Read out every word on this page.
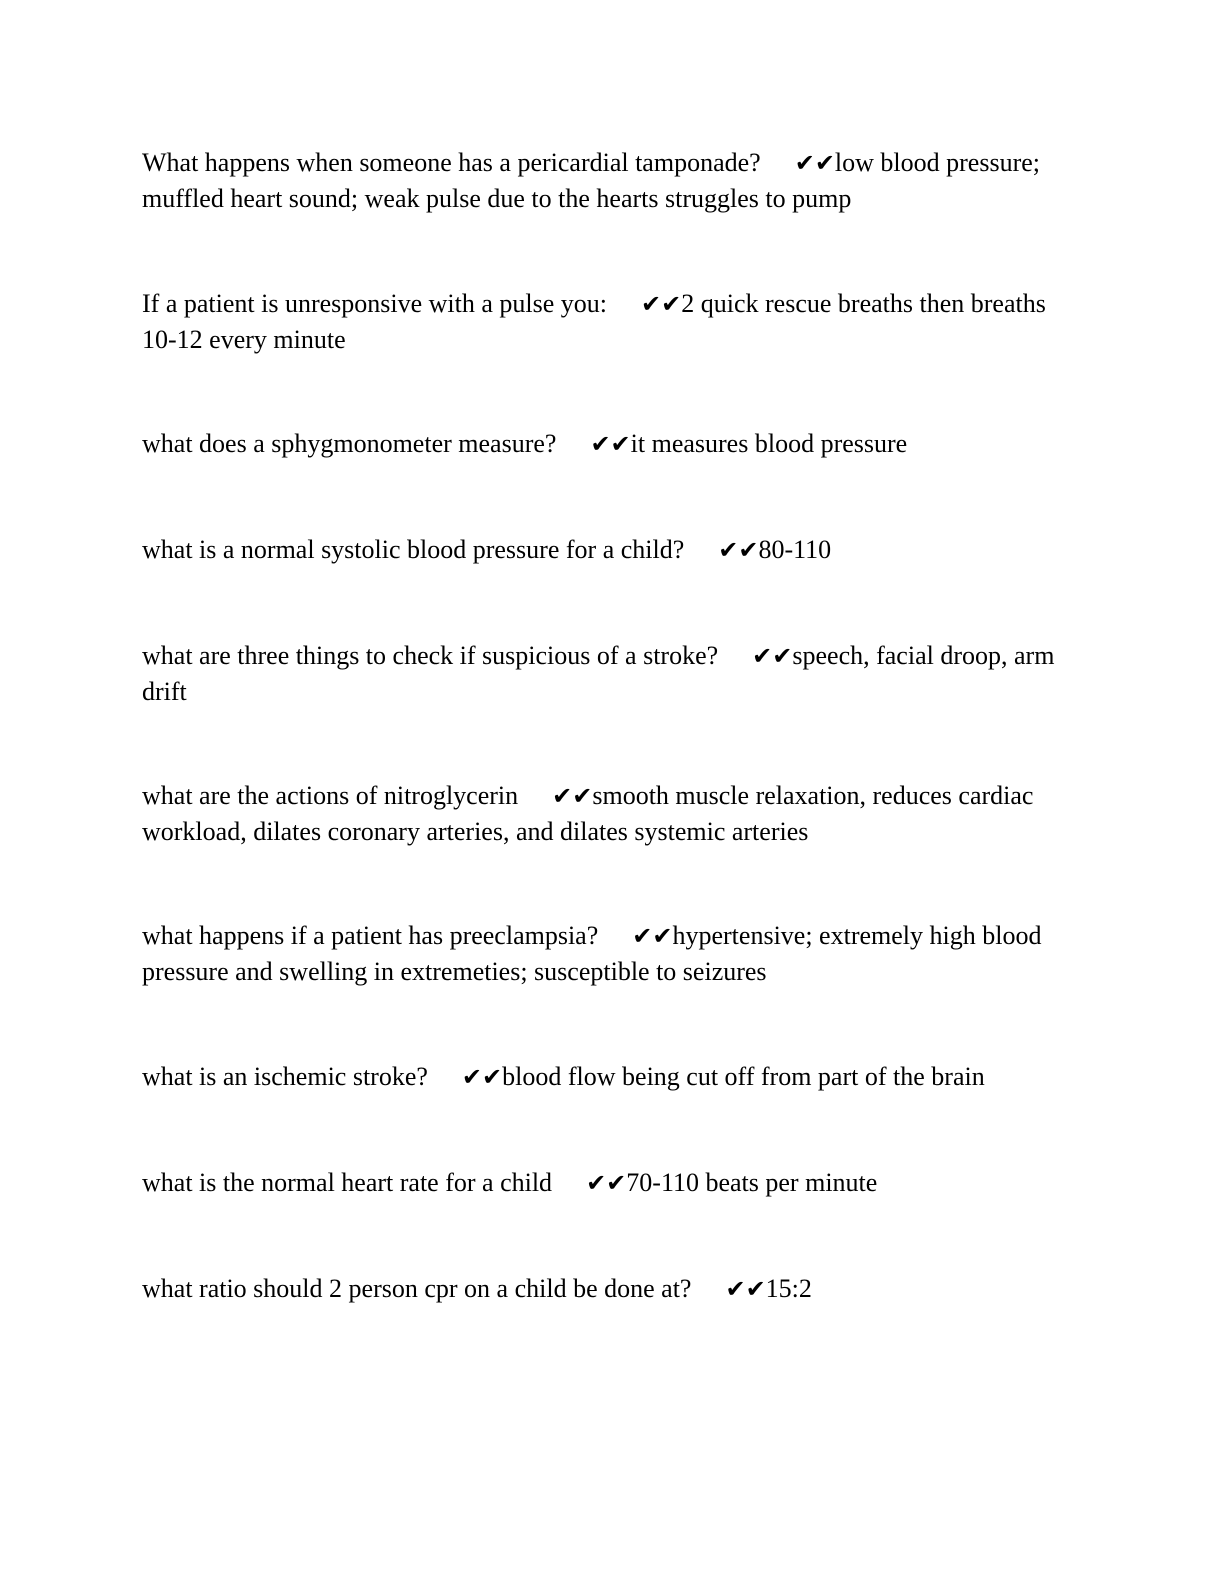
What happens when someone has a pericardial tamponade? ✔✔low blood pressure; muffled heart sound; weak pulse due to the hearts struggles to pump

If a patient is unresponsive with a pulse you: ✔✔2 quick rescue breaths then breaths 10-12 every minute

what does a sphygmonometer measure? ✔✔it measures blood pressure

what is a normal systolic blood pressure for a child? ✔✔80-110

what are three things to check if suspicious of a stroke? ✔✔speech, facial droop, arm drift

what are the actions of nitroglycerin ✔✔smooth muscle relaxation, reduces cardiac workload, dilates coronary arteries, and dilates systemic arteries

what happens if a patient has preeclampsia? ✔✔hypertensive; extremely high blood pressure and swelling in extremeties; susceptible to seizures

what is an ischemic stroke? ✔✔blood flow being cut off from part of the brain

what is the normal heart rate for a child ✔✔70-110 beats per minute

what ratio should 2 person cpr on a child be done at? ✔✔15:2
